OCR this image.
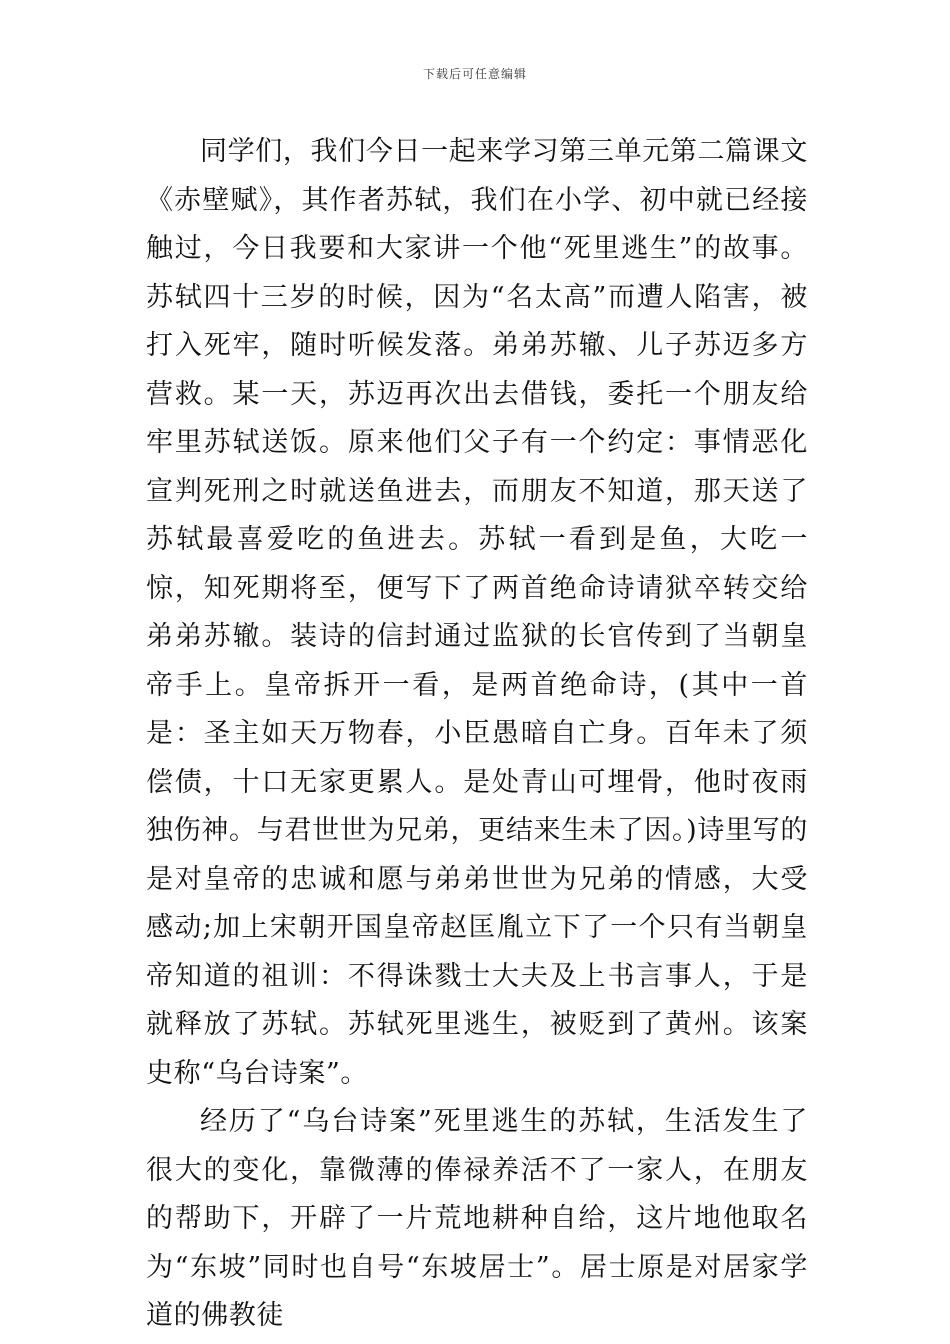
下载后可任意编辑

同学们，我们今日一起来学习第三单元第二篇课文《赤壁赋》，其作者苏轼，我们在小学、初中就已经接触过，今日我要和大家讲一个他“死里逃生”的故事。苏轼四十三岁的时候，因为“名太高”而遭人陷害，被打入死牢，随时听候发落。弟弟苏辙、儿子苏迈多方营救。某一天，苏迈再次出去借钱，委托一个朋友给牢里苏轼送饭。原来他们父子有一个约定：事情恶化宣判死刑之时就送鱼进去，而朋友不知道，那天送了苏轼最喜爱吃的鱼进去。苏轼一看到是鱼，大吃一惊，知死期将至，便写下了两首绝命诗请狱卒转交给弟弟苏辙。装诗的信封通过监狱的长官传到了当朝皇帝手上。皇帝拆开一看，是两首绝命诗，(其中一首是：圣主如天万物春，小臣愚暗自亡身。百年未了须偿债，十口无家更累人。是处青山可埋骨，他时夜雨独伤神。与君世世为兄弟，更结来生未了因。)诗里写的是对皇帝的忠诚和愿与弟弟世世为兄弟的情感，大受感动;加上宋朝开国皇帝赵匡胤立下了一个只有当朝皇帝知道的祖训：不得诛戮士大夫及上书言事人，于是就释放了苏轼。苏轼死里逃生，被贬到了黄州。该案史称“乌台诗案”。

经历了“乌台诗案”死里逃生的苏轼，生活发生了很大的变化，靠微薄的俸禄养活不了一家人，在朋友的帮助下，开辟了一片荒地耕种自给，这片地他取名为“东坡”同时也自号“东坡居士”。居士原是对居家学道的佛教徒
